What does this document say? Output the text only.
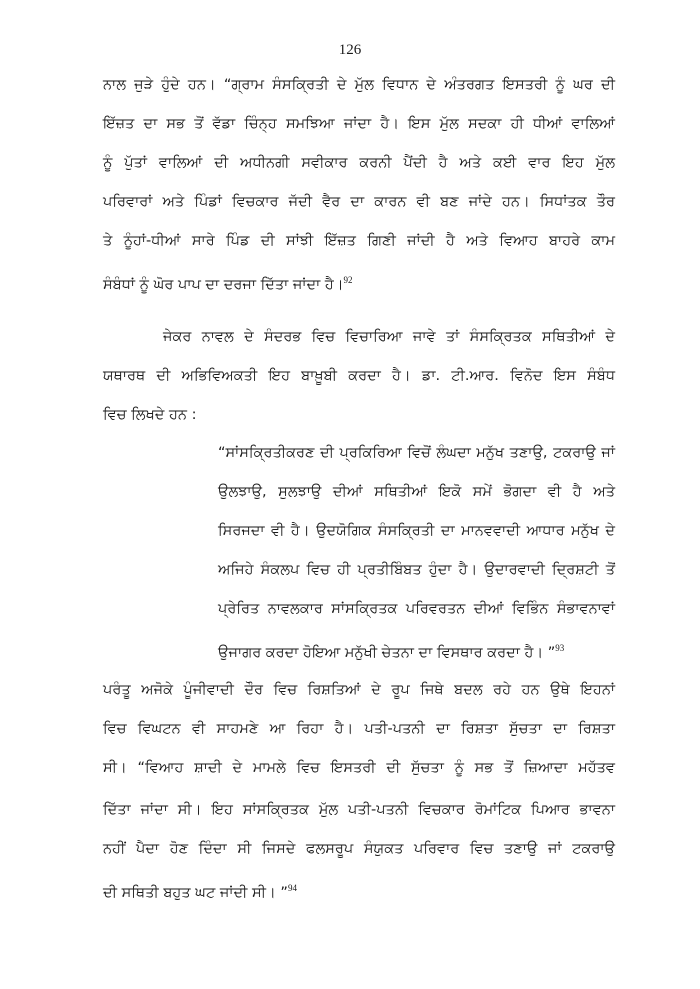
126
ਨਾਲ ਜੁੜੇ ਹੁੰਦੇ ਹਨ। “ਗ੍ਰਾਮ ਸੰਸਕ੍ਰਿਤੀ ਦੇ ਮੁੱਲ ਵਿਧਾਨ ਦੇ ਅੰਤਰਗਤ ਇਸਤਰੀ ਨੂੰ ਘਰ ਦੀ
ਇੱਜ਼ਤ ਦਾ ਸਭ ਤੋਂ ਵੱਡਾ ਚਿੰਨ੍ਹ ਸਮਝਿਆ ਜਾਂਦਾ ਹੈ। ਇਸ ਮੁੱਲ ਸਦਕਾ ਹੀ ਧੀਆਂ ਵਾਲਿਆਂ
ਨੂੰ ਪੁੱਤਾਂ ਵਾਲਿਆਂ ਦੀ ਅਧੀਨਗੀ ਸਵੀਕਾਰ ਕਰਨੀ ਪੈਂਦੀ ਹੈ ਅਤੇ ਕਈ ਵਾਰ ਇਹ ਮੁੱਲ
ਪਰਿਵਾਰਾਂ ਅਤੇ ਪਿੰਡਾਂ ਵਿਚਕਾਰ ਜੱਦੀ ਵੈਰ ਦਾ ਕਾਰਨ ਵੀ ਬਣ ਜਾਂਦੇ ਹਨ। ਸਿਧਾਂਤਕ ਤੌਰ
ਤੇ ਨੂੰਹਾਂ-ਧੀਆਂ ਸਾਰੇ ਪਿੰਡ ਦੀ ਸਾਂਝੀ ਇੱਜ਼ਤ ਗਿਣੀ ਜਾਂਦੀ ਹੈ ਅਤੇ ਵਿਆਹ ਬਾਹਰੇ ਕਾਮ
ਸੰਬੰਧਾਂ ਨੂੰ ਘੋਰ ਪਾਪ ਦਾ ਦਰਜਾ ਦਿੱਤਾ ਜਾਂਦਾ ਹੈ।$^{92}$
ਜੇਕਰ ਨਾਵਲ ਦੇ ਸੰਦਰਭ ਵਿਚ ਵਿਚਾਰਿਆ ਜਾਵੇ ਤਾਂ ਸੰਸਕ੍ਰਿਤਕ ਸਥਿਤੀਆਂ ਦੇ
ਯਥਾਰਥ ਦੀ ਅਭਿਵਿਅਕਤੀ ਇਹ ਬਾਖ਼ੂਬੀ ਕਰਦਾ ਹੈ। ਡਾ. ਟੀ.ਆਰ. ਵਿਨੋਦ ਇਸ ਸੰਬੰਧ
ਵਿਚ ਲਿਖਦੇ ਹਨ :
“ਸਾਂਸਕ੍ਰਿਤੀਕਰਣ ਦੀ ਪ੍ਰਕਿਰਿਆ ਵਿਚੋਂ ਲੰਘਦਾ ਮਨੁੱਖ ਤਣਾਉ, ਟਕਰਾਉ ਜਾਂ
ਉਲਝਾਉ, ਸੁਲਝਾਉ ਦੀਆਂ ਸਥਿਤੀਆਂ ਇਕੋ ਸਮੇਂ ਭੋਗਦਾ ਵੀ ਹੈ ਅਤੇ
ਸਿਰਜਦਾ ਵੀ ਹੈ। ਉਦਯੋਗਿਕ ਸੰਸਕ੍ਰਿਤੀ ਦਾ ਮਾਨਵਵਾਦੀ ਆਧਾਰ ਮਨੁੱਖ ਦੇ
ਅਜਿਹੇ ਸੰਕਲਪ ਵਿਚ ਹੀ ਪ੍ਰਤੀਬਿੰਬਤ ਹੁੰਦਾ ਹੈ। ਉਦਾਰਵਾਦੀ ਦ੍ਰਿਸ਼ਟੀ ਤੋਂ
ਪ੍ਰੇਰਿਤ ਨਾਵਲਕਾਰ ਸਾਂਸਕ੍ਰਿਤਕ ਪਰਿਵਰਤਨ ਦੀਆਂ ਵਿਭਿੰਨ ਸੰਭਾਵਨਾਵਾਂ
ਉਜਾਗਰ ਕਰਦਾ ਹੋਇਆ ਮਨੁੱਖੀ ਚੇਤਨਾ ਦਾ ਵਿਸਥਾਰ ਕਰਦਾ ਹੈ। ”$^{93}$
ਪਰੰਤੂ ਅਜੋਕੇ ਪੂੰਜੀਵਾਦੀ ਦੌਰ ਵਿਚ ਰਿਸ਼ਤਿਆਂ ਦੇ ਰੂਪ ਜਿਥੇ ਬਦਲ ਰਹੇ ਹਨ ਉਥੇ ਇਹਨਾਂ
ਵਿਚ ਵਿਘਟਨ ਵੀ ਸਾਹਮਣੇ ਆ ਰਿਹਾ ਹੈ। ਪਤੀ-ਪਤਨੀ ਦਾ ਰਿਸ਼ਤਾ ਸੁੱਚਤਾ ਦਾ ਰਿਸ਼ਤਾ
ਸੀ। “ਵਿਆਹ ਸ਼ਾਦੀ ਦੇ ਮਾਮਲੇ ਵਿਚ ਇਸਤਰੀ ਦੀ ਸੁੱਚਤਾ ਨੂੰ ਸਭ ਤੋਂ ਜ਼ਿਆਦਾ ਮਹੱਤਵ
ਦਿੱਤਾ ਜਾਂਦਾ ਸੀ। ਇਹ ਸਾਂਸਕ੍ਰਿਤਕ ਮੁੱਲ ਪਤੀ-ਪਤਨੀ ਵਿਚਕਾਰ ਰੋਮਾਂਟਿਕ ਪਿਆਰ ਭਾਵਨਾ
ਨਹੀਂ ਪੈਦਾ ਹੋਣ ਦਿੰਦਾ ਸੀ ਜਿਸਦੇ ਫਲਸਰੂਪ ਸੰਯੁਕਤ ਪਰਿਵਾਰ ਵਿਚ ਤਣਾਉ ਜਾਂ ਟਕਰਾਉ
ਦੀ ਸਥਿਤੀ ਬਹੁਤ ਘਟ ਜਾਂਦੀ ਸੀ। ”$^{94}$
